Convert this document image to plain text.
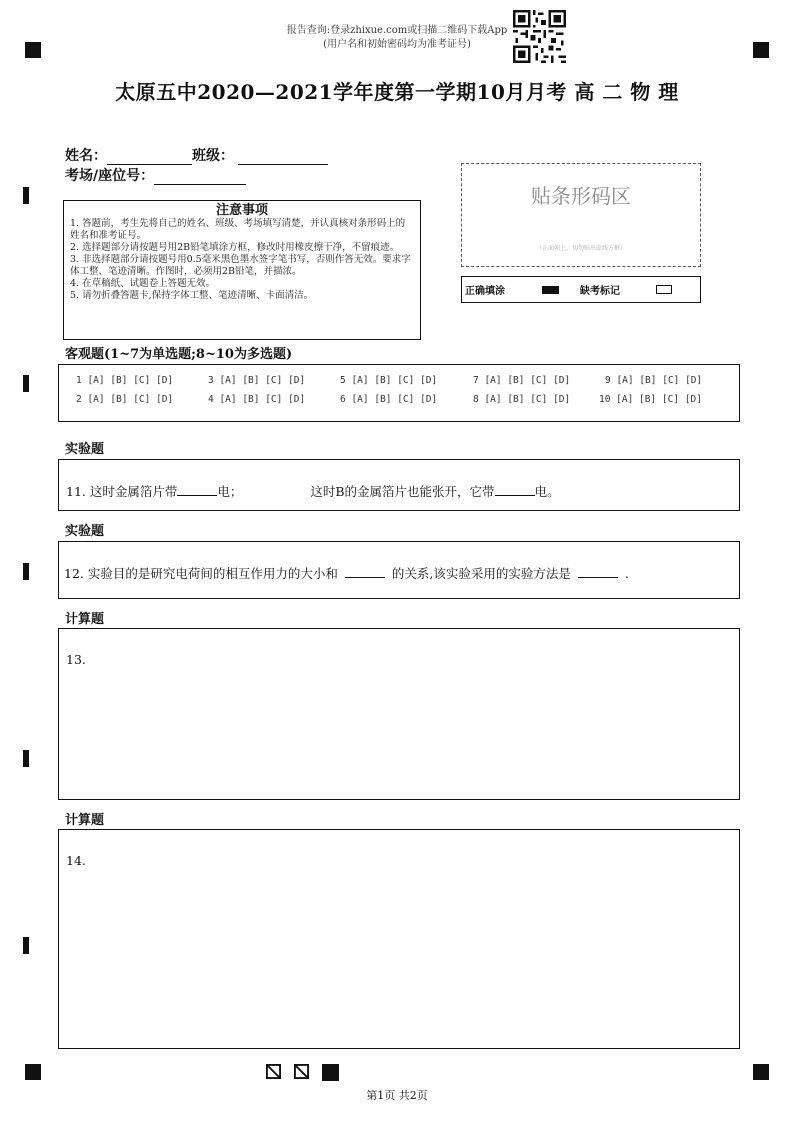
报告查询:登录zhixue.com或扫描二维码下载App
(用户名和初始密码均为准考证号)
太原五中2020—2021学年度第一学期10月月考 高 二 物 理
姓名：	班级：
考场/座位号：
注意事项
1. 答题前，考生先将自己的姓名、班级、考场填写清楚，并认真核对条形码上的姓名和准考证号。
2. 选择题部分请按题号用2B铅笔填涂方框，修改时用橡皮擦干净，不留痕迹。
3. 非选择题部分请按题号用0.5毫米黑色墨水签字笔书写，否则作答无效。要求字体工整、笔迹清晰。作图时，必须用2B铅笔，并描浓。
4. 在草稿纸、试题卷上答题无效。
5. 请勿折叠答题卡,保持字体工整、笔迹清晰、卡面清洁。
贴条形码区
（正面朝上，切勿贴出虚线方框）
正确填涂	缺考标记
客观题(1~7为单选题;8~10为多选题)
1 [A] [B] [C] [D]	3 [A] [B] [C] [D]	5 [A] [B] [C] [D]	7 [A] [B] [C] [D]	9 [A] [B] [C] [D]
2 [A] [B] [C] [D]	4 [A] [B] [C] [D]	6 [A] [B] [C] [D]	8 [A] [B] [C] [D]	10 [A] [B] [C] [D]
实验题
11. 这时金属箔片带	电；	这时B的金属箔片也能张开，它带	电。
实验题
12. 实验目的是研究电荷间的相互作用力的大小和	的关系,该实验采用的实验方法是	.
计算题
13.
计算题
14.
第1页 共2页
